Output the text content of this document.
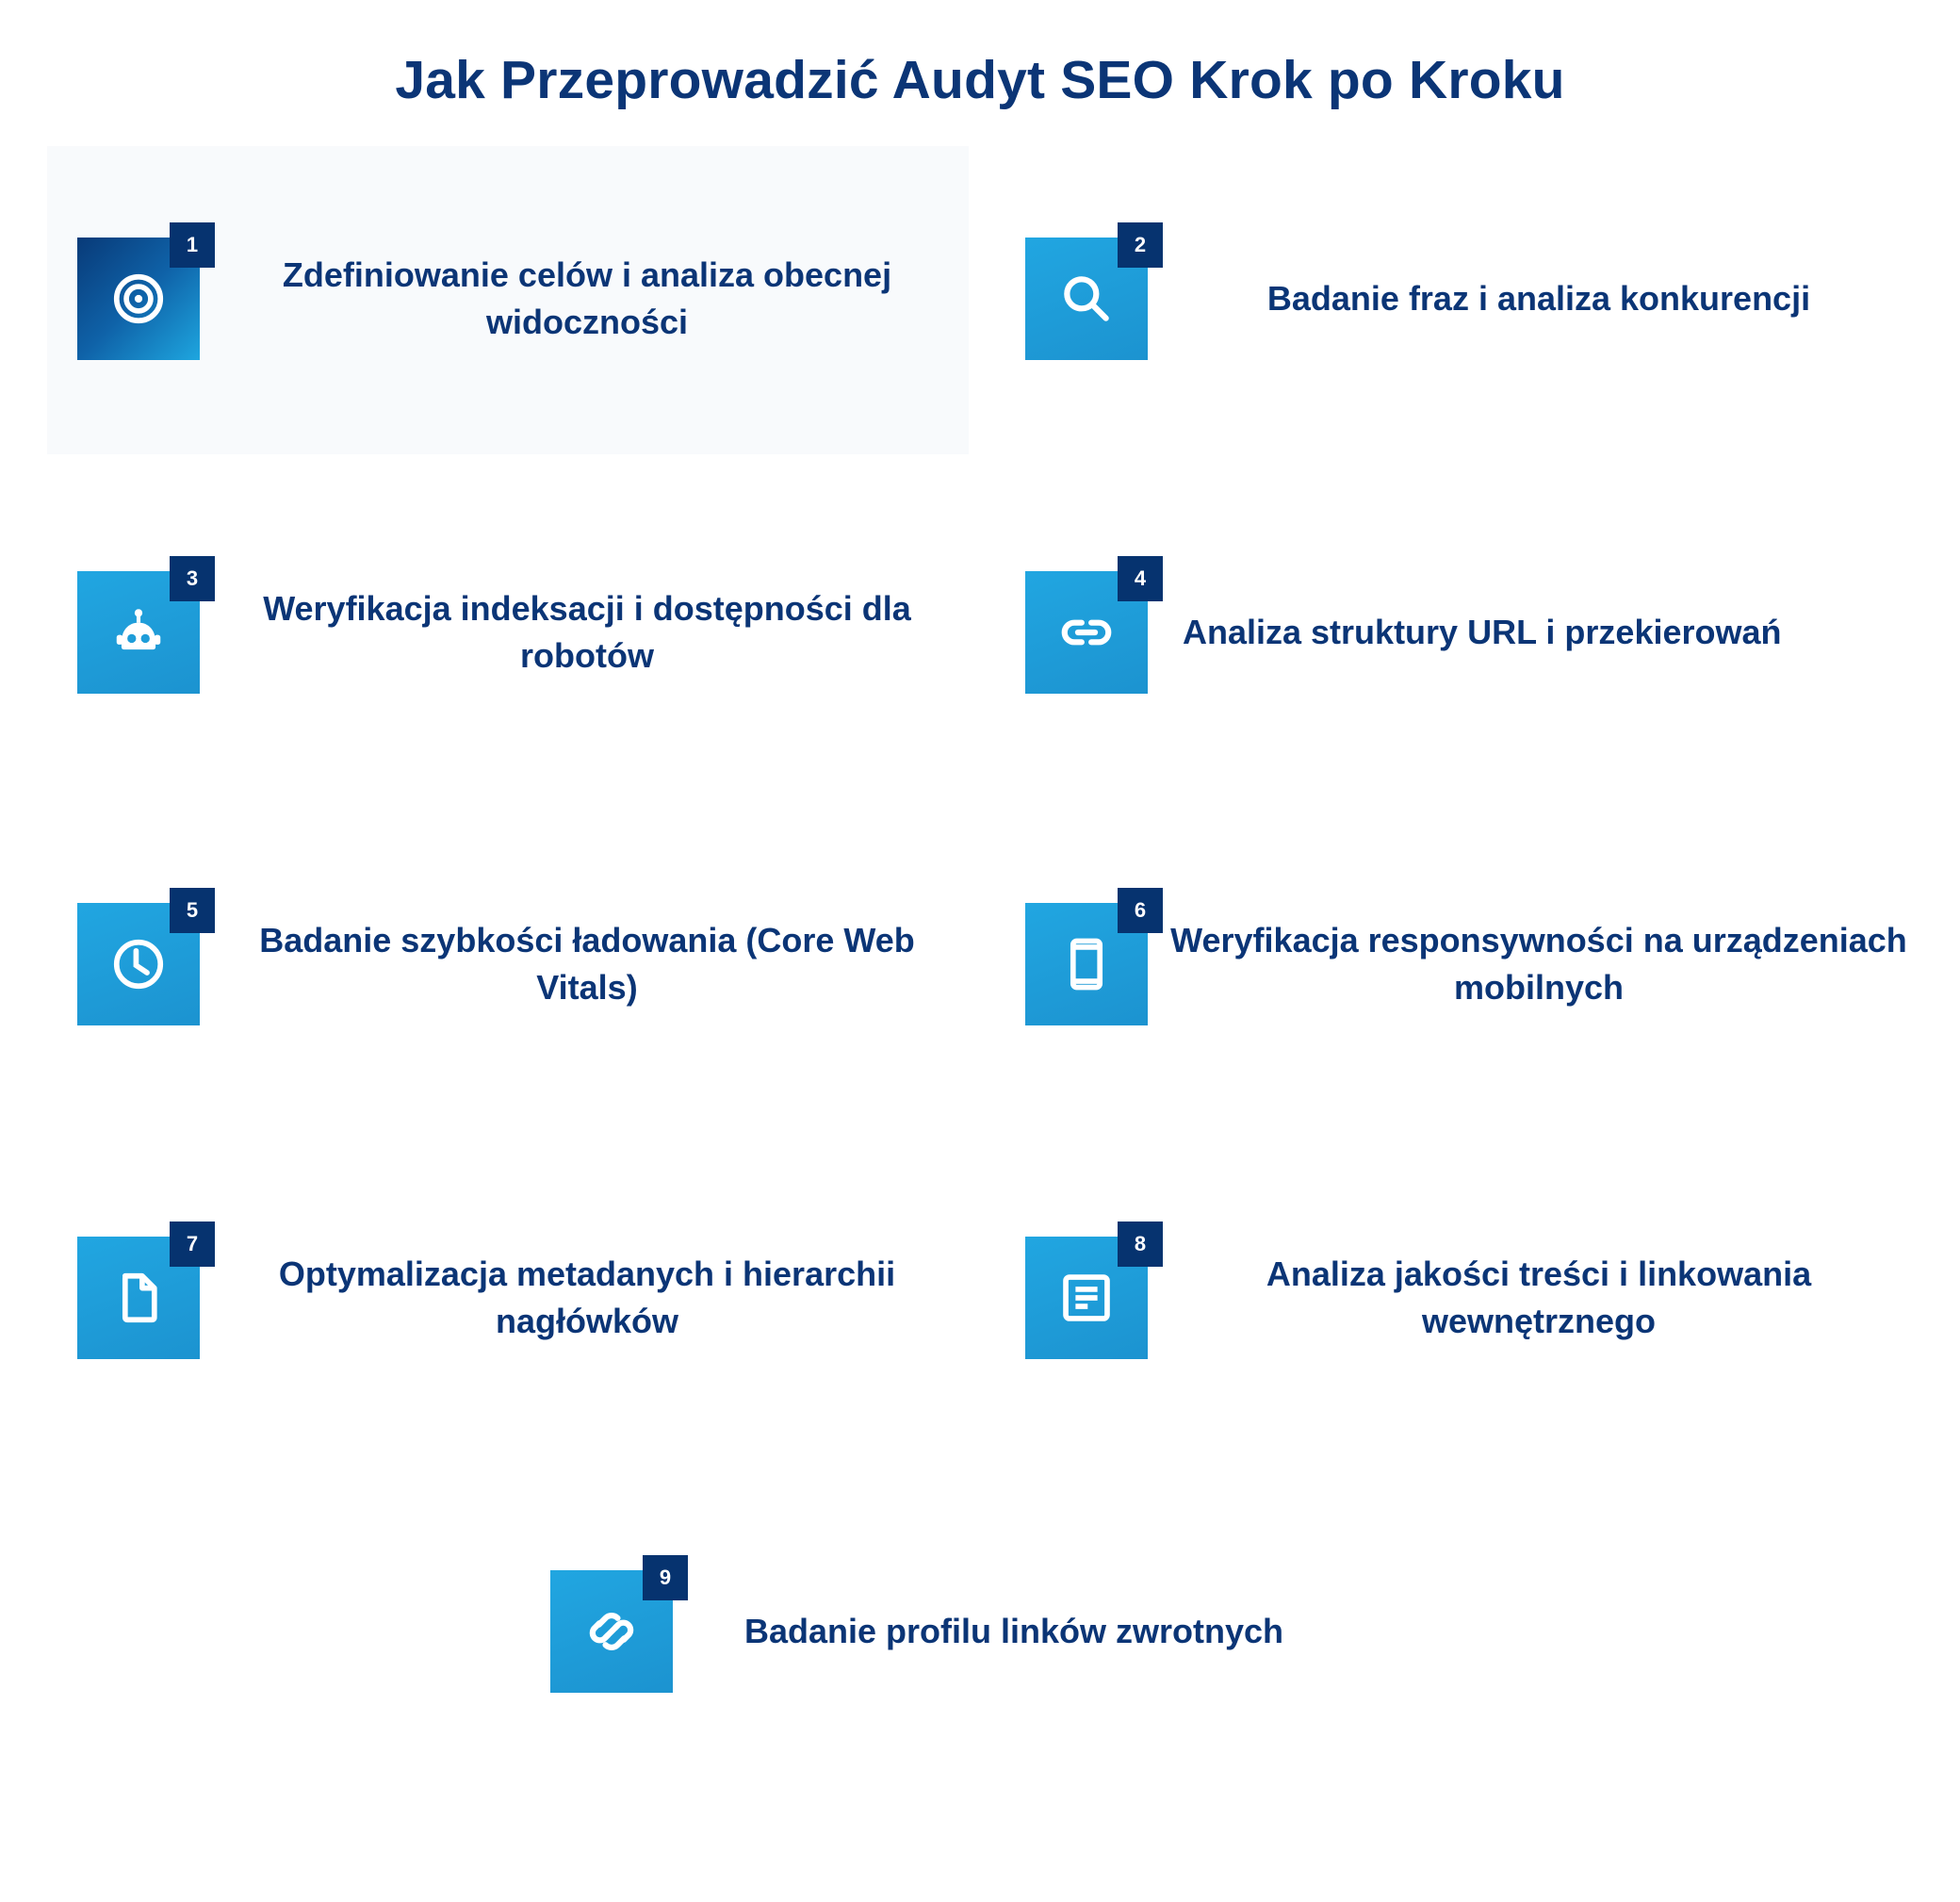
Jak Przeprowadzić Audyt SEO Krok po Kroku
1
Zdefiniowanie celów i analiza obecnej widoczności
2
Badanie fraz i analiza konkurencji
3
Weryfikacja indeksacji i dostępności dla robotów
4
Analiza struktury URL i przekierowań
5
Badanie szybkości ładowania (Core Web Vitals)
6
Weryfikacja responsywności na urządzeniach mobilnych
7
Optymalizacja metadanych i hierarchii nagłówków
8
Analiza jakości treści i linkowania wewnętrznego
9
Badanie profilu linków zwrotnych
